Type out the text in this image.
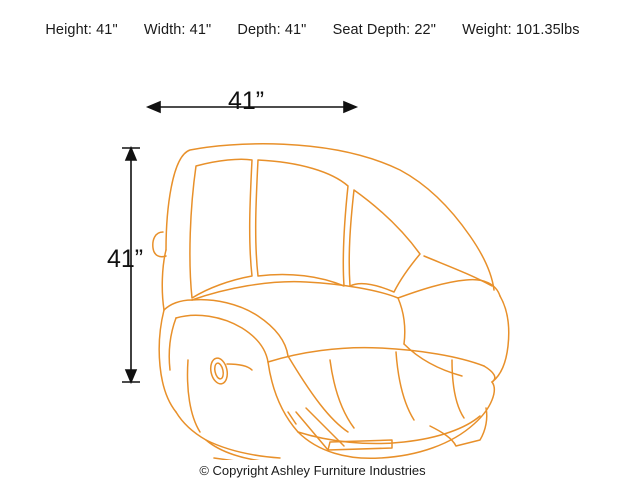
Height: 41" Width: 41" Depth: 41" Seat Depth: 22" Weight: 101.35lbs
41”
41”
© Copyright Ashley Furniture Industries
